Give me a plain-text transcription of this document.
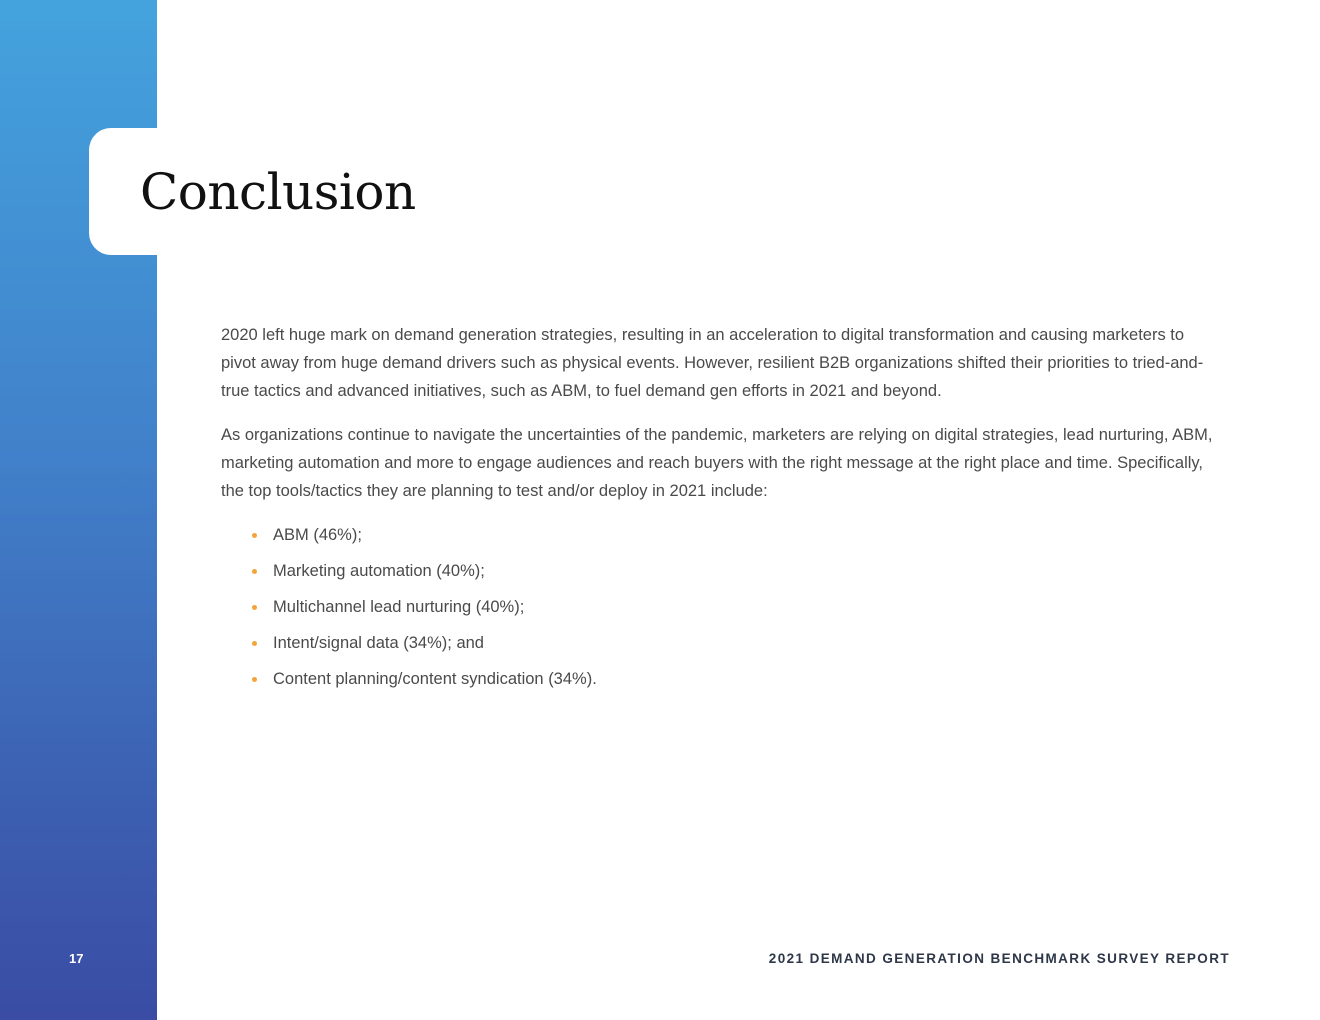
Conclusion

2020 left huge mark on demand generation strategies, resulting in an acceleration to digital transformation and causing marketers to pivot away from huge demand drivers such as physical events. However, resilient B2B organizations shifted their priorities to tried-and-true tactics and advanced initiatives, such as ABM, to fuel demand gen efforts in 2021 and beyond.

As organizations continue to navigate the uncertainties of the pandemic, marketers are relying on digital strategies, lead nurturing, ABM, marketing automation and more to engage audiences and reach buyers with the right message at the right place and time. Specifically, the top tools/tactics they are planning to test and/or deploy in 2021 include:

ABM (46%);
Marketing automation (40%);
Multichannel lead nurturing (40%);
Intent/signal data (34%); and
Content planning/content syndication (34%).
17	2021 DEMAND GENERATION BENCHMARK SURVEY REPORT
